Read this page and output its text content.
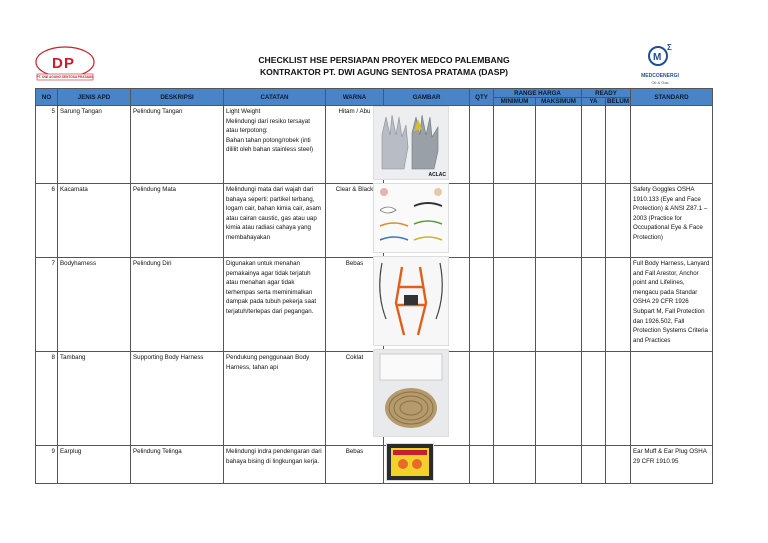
D P
PT. DWI AGUNG SENTOSA PRATAMA
CHECKLIST HSE PERSIAPAN PROYEK MEDCO PALEMBANG
KONTRAKTOR PT. DWI AGUNG SENTOSA PRATAMA (DASP)
M
Σ
MEDCOENERGI
Oil & Gas
NO	JENIS APD	DESKRIPSI	CATATAN	WARNA	GAMBAR	QTY	RANGE HARGA		READY		STANDARD
							MINIMUM	MAKSIMUM	YA	BELUM	
5	Sarung Tangan	Pelindung Tangan	Light Weight
Melindungi dari resiko tersayat atau terpotong:
Bahan tahan potong/robek (inti dililit oleh bahan stainless steel)	Hitam / Abu							
6	Kacamata	Pelindung Mata	Melindungi mata dari wajah dari bahaya seperti: partikel terbang, logam cair, bahan kimia cair, asam atau cairan caustic, gas atau uap kimia atau radiasi cahaya yang membahayakan	Clear & Black							Safety Goggles OSHA 1910.133 (Eye and Face Protection) & ANSI Z87.1 – 2003 (Practice for Occupational Eye & Face Protection)
7	Bodyharness	Pelindung Diri	Digunakan untuk menahan pemakainya agar tidak terjatuh atau menahan agar tidak terhempas serta meminimalkan dampak pada tubuh pekerja saat terjatuh/terlepas dari pegangan.	Bebas							Full Body Harness, Lanyard and Fall Arestor, Anchor point and Lifelines, mengacu pada Standar OSHA 29 CFR 1926 Subpart M, Fall Protection dan 1926.502, Fall Protection Systems Criteria and Practices
8	Tambang	Supporting Body Harness	Pendukung penggunaan Body Harness, tahan api	Coklat							
9	Earplug	Pelindung Telinga	Melindungi indra pendengaran dari bahaya bising di lingkungan kerja.	Bebas							Ear Muff & Ear Plug OSHA 29 CFR 1910.95
ACLAC
